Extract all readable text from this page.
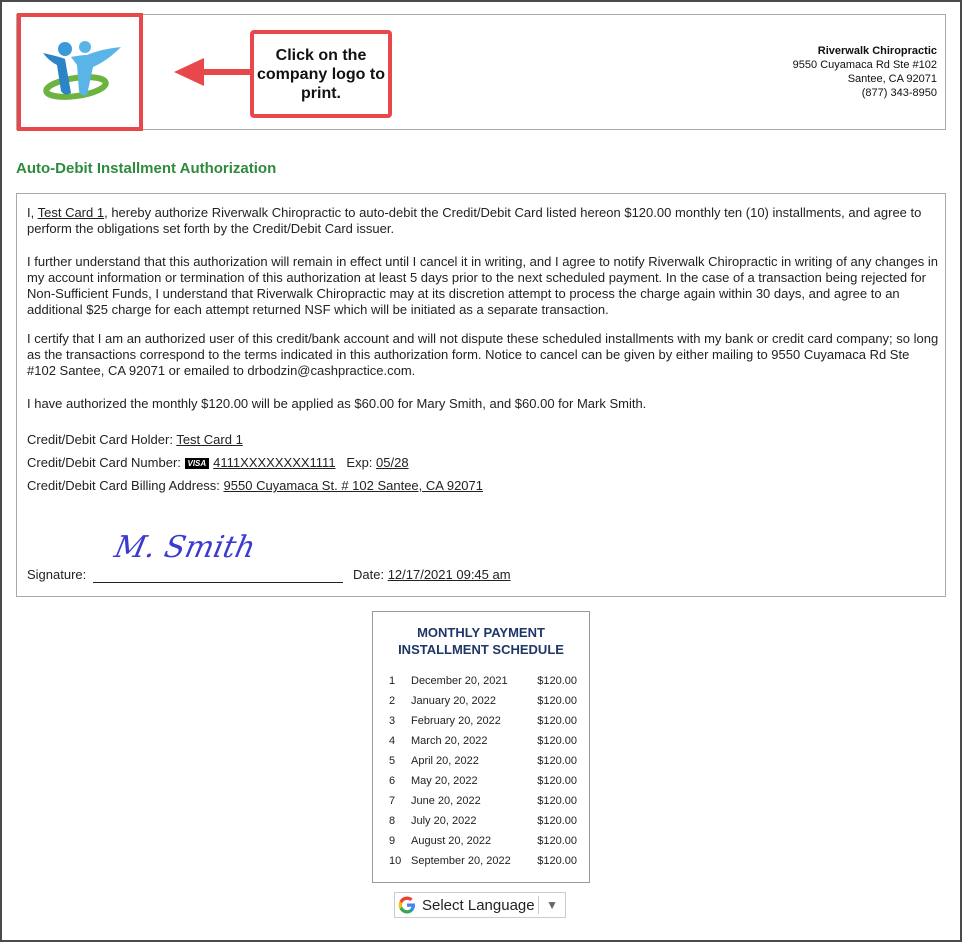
Click on the company logo to print.
Riverwalk Chiropractic
9550 Cuyamaca Rd Ste #102
Santee, CA 92071
(877) 343-8950
Auto-Debit Installment Authorization
I, Test Card 1, hereby authorize Riverwalk Chiropractic to auto-debit the Credit/Debit Card listed hereon $120.00 monthly ten (10) installments, and agree to perform the obligations set forth by the Credit/Debit Card issuer.
I further understand that this authorization will remain in effect until I cancel it in writing, and I agree to notify Riverwalk Chiropractic in writing of any changes in my account information or termination of this authorization at least 5 days prior to the next scheduled payment. In the case of a transaction being rejected for Non-Sufficient Funds, I understand that Riverwalk Chiropractic may at its discretion attempt to process the charge again within 30 days, and agree to an additional $25 charge for each attempt returned NSF which will be initiated as a separate transaction.
I certify that I am an authorized user of this credit/bank account and will not dispute these scheduled installments with my bank or credit card company; so long as the transactions correspond to the terms indicated in this authorization form. Notice to cancel can be given by either mailing to 9550 Cuyamaca Rd Ste #102 Santee, CA 92071 or emailed to drbodzin@cashpractice.com.
I have authorized the monthly $120.00 will be applied as $60.00 for Mary Smith, and $60.00 for Mark Smith.
Credit/Debit Card Holder: Test Card 1
Credit/Debit Card Number: VISA 4111XXXXXXXX1111 Exp: 05/28
Credit/Debit Card Billing Address: 9550 Cuyamaca St. # 102 Santee, CA 92071
Signature:
M. Smith
Date: 12/17/2021 09:45 am
MONTHLY PAYMENT
INSTALLMENT SCHEDULE
1 December 20, 2021	$120.00
2 January 20, 2022	$120.00
3 February 20, 2022	$120.00
4 March 20, 2022	$120.00
5 April 20, 2022	$120.00
6 May 20, 2022	$120.00
7 June 20, 2022	$120.00
8 July 20, 2022	$120.00
9 August 20, 2022	$120.00
10 September 20, 2022 $120.00
Select Language ▼
